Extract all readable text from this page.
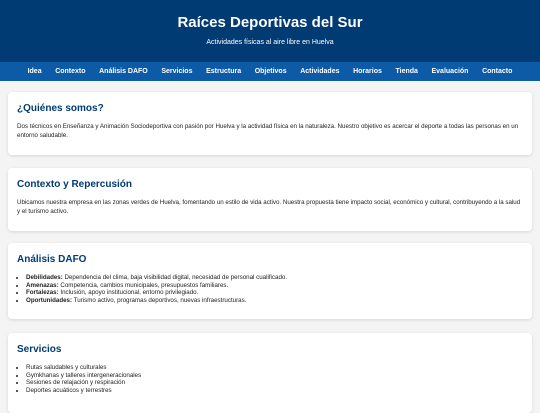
Raíces Deportivas del Sur

Actividades físicas al aire libre en Huelva

Idea	Contexto	Análisis DAFO	Servicios	Estructura	Objetivos	Actividades	Horarios	Tienda	Evaluación	Contacto
¿Quiénes somos?

Dos técnicos en Enseñanza y Animación Sociodeportiva con pasión por Huelva y la actividad física en la naturaleza. Nuestro objetivo es acercar el deporte a todas las personas en un entorno saludable.

Contexto y Repercusión

Ubicamos nuestra empresa en las zonas verdes de Huelva, fomentando un estilo de vida activo. Nuestra propuesta tiene impacto social, económico y cultural, contribuyendo a la salud y el turismo activo.

Análisis DAFO
• Debilidades: Dependencia del clima, baja visibilidad digital, necesidad de personal cualificado.
• Amenazas: Competencia, cambios municipales, presupuestos familiares.
• Fortalezas: Inclusión, apoyo institucional, entorno privilegiado.
• Oportunidades: Turismo activo, programas deportivos, nuevas infraestructuras.
Servicios
• Rutas saludables y culturales
• Gymkhanas y talleres intergeneracionales
• Sesiones de relajación y respiración
• Deportes acuáticos y terrestres
